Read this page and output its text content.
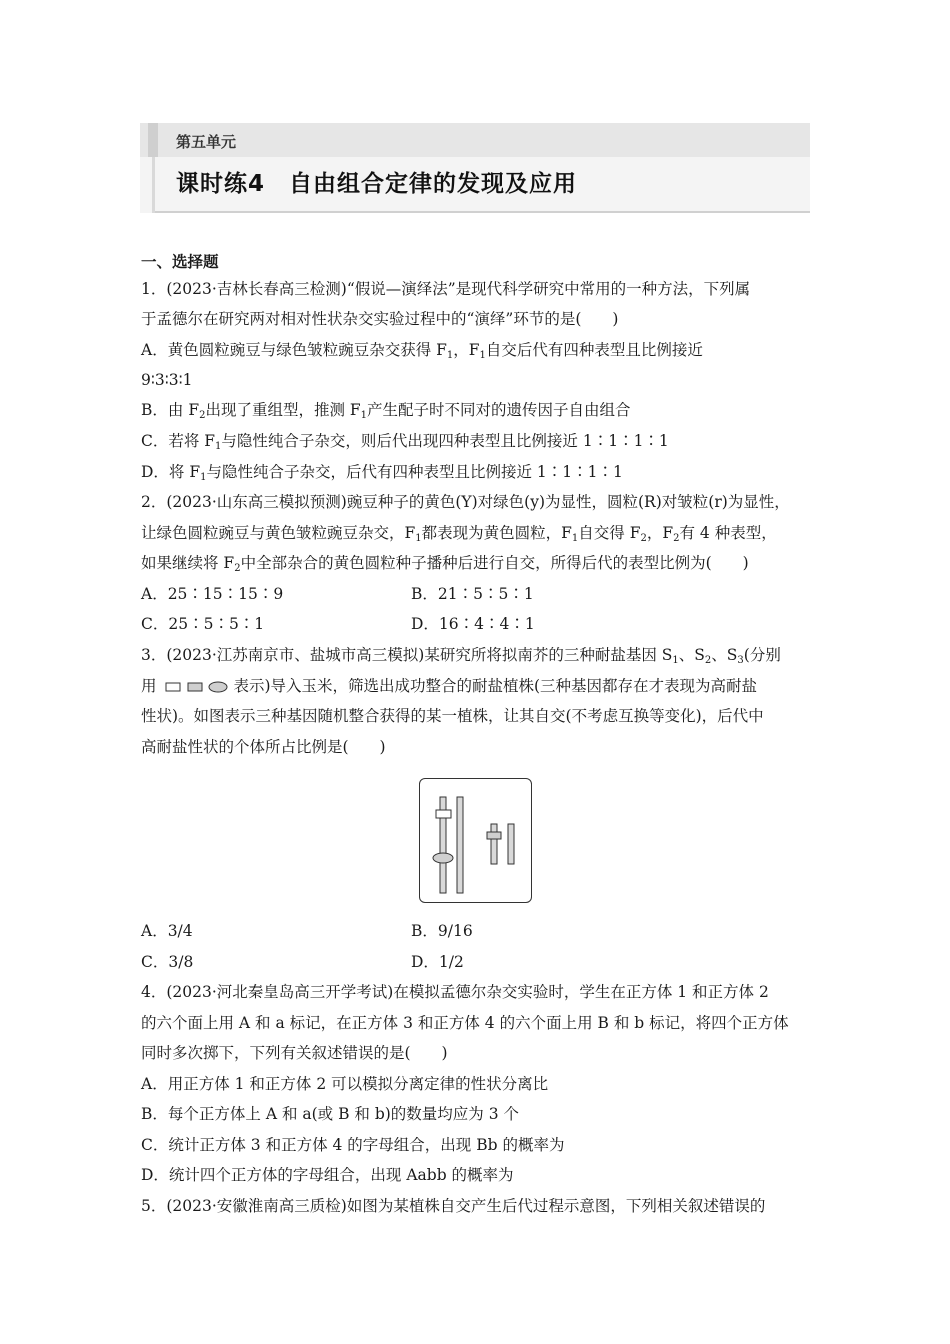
第五单元
课时练4　自由组合定律的发现及应用
一、选择题
1．(2023·吉林长春高三检测)“假说—演绎法”是现代科学研究中常用的一种方法，下列属
于孟德尔在研究两对相对性状杂交实验过程中的“演绎”环节的是(　　)
A．黄色圆粒豌豆与绿色皱粒豌豆杂交获得 $F_1$，$F_1$自交后代有四种表型且比例接近
9∶3∶3∶1
B．由 $F_2$出现了重组型，推测 $F_1$产生配子时不同对的遗传因子自由组合
C．若将 $F_1$与隐性纯合子杂交，则后代出现四种表型且比例接近 1∶1∶1∶1
D．将 $F_1$与隐性纯合子杂交，后代有四种表型且比例接近 1∶1∶1∶1
2．(2023·山东高三模拟预测)豌豆种子的黄色(Y)对绿色(y)为显性，圆粒(R)对皱粒(r)为显性，
让绿色圆粒豌豆与黄色皱粒豌豆杂交，$F_1$都表现为黄色圆粒，$F_1$自交得 $F_2$，$F_2$有 4 种表型，
如果继续将 $F_2$中全部杂合的黄色圆粒种子播种后进行自交，所得后代的表型比例为(　　)
A．25∶15∶15∶9	B．21∶5∶5∶1
C．25∶5∶5∶1	D．16∶4∶4∶1
3．(2023·江苏南京市、盐城市高三模拟)某研究所将拟南芥的三种耐盐基因 $S_1$、$S_2$、$S_3$(分别
用	表示)导入玉米，筛选出成功整合的耐盐植株(三种基因都存在才表现为高耐盐
性状)。如图表示三种基因随机整合获得的某一植株，让其自交(不考虑互换等变化)，后代中
高耐盐性状的个体所占比例是(　　)
A．3/4	B．9/16
C．3/8	D．1/2
4．(2023·河北秦皇岛高三开学考试)在模拟孟德尔杂交实验时，学生在正方体 1 和正方体 2
的六个面上用 A 和 a 标记，在正方体 3 和正方体 4 的六个面上用 B 和 b 标记，将四个正方体
同时多次掷下，下列有关叙述错误的是(　　)
A．用正方体 1 和正方体 2 可以模拟分离定律的性状分离比
B．每个正方体上 A 和 a(或 B 和 b)的数量均应为 3 个
C．统计正方体 3 和正方体 4 的字母组合，出现 Bb 的概率为
D．统计四个正方体的字母组合，出现 Aabb 的概率为
5．(2023·安徽淮南高三质检)如图为某植株自交产生后代过程示意图，下列相关叙述错误的
